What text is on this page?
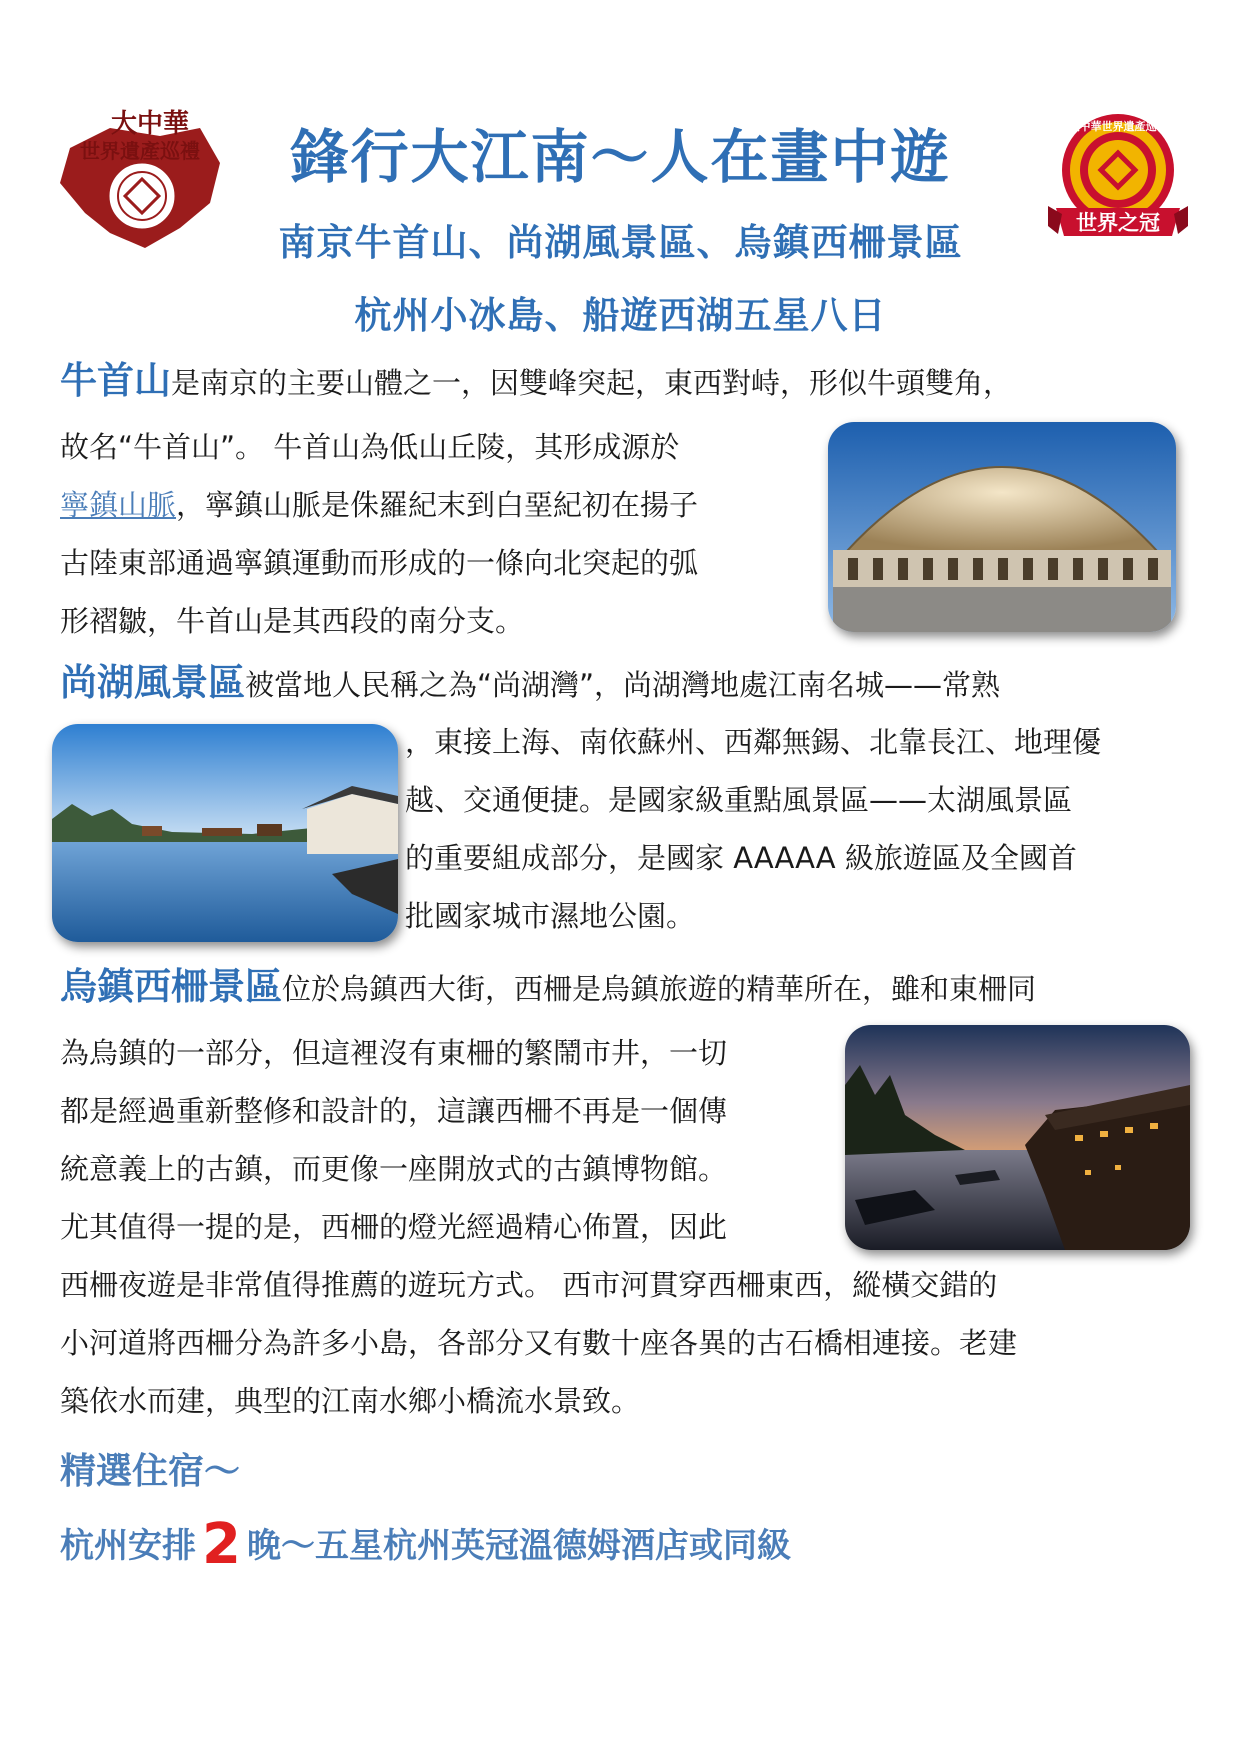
大中華
世界遺產巡禮
大中華世界遺產巡禮
世界之冠
鋒行大江南～人在畫中遊
南京牛首山、尚湖風景區、烏鎮西柵景區
杭州小冰島、船遊西湖五星八日
牛首山是南京的主要山體之一，因雙峰突起，東西對峙，形似牛頭雙角，
故名“牛首山”。 牛首山為低山丘陵，其形成源於
寧鎮山脈，寧鎮山脈是侏羅紀末到白堊紀初在揚子
古陸東部通過寧鎮運動而形成的一條向北突起的弧
形褶皺，牛首山是其西段的南分支。
尚湖風景區被當地人民稱之為“尚湖灣”，尚湖灣地處江南名城——常熟
，東接上海、南依蘇州、西鄰無錫、北靠長江、地理優
越、交通便捷。是國家級重點風景區——太湖風景區
的重要組成部分，是國家 AAAAA 級旅遊區及全國首
批國家城市濕地公園。
烏鎮西柵景區位於烏鎮西大街，西柵是烏鎮旅遊的精華所在，雖和東柵同
為烏鎮的一部分，但這裡沒有東柵的繁鬧市井，一切
都是經過重新整修和設計的，這讓西柵不再是一個傳
統意義上的古鎮，而更像一座開放式的古鎮博物館。
尤其值得一提的是，西柵的燈光經過精心佈置，因此
西柵夜遊是非常值得推薦的遊玩方式。 西市河貫穿西柵東西，縱橫交錯的
小河道將西柵分為許多小島，各部分又有數十座各異的古石橋相連接。老建
築依水而建，典型的江南水鄉小橋流水景致。
精選住宿～
杭州安排 2 晚～五星杭州英冠溫德姆酒店或同級
